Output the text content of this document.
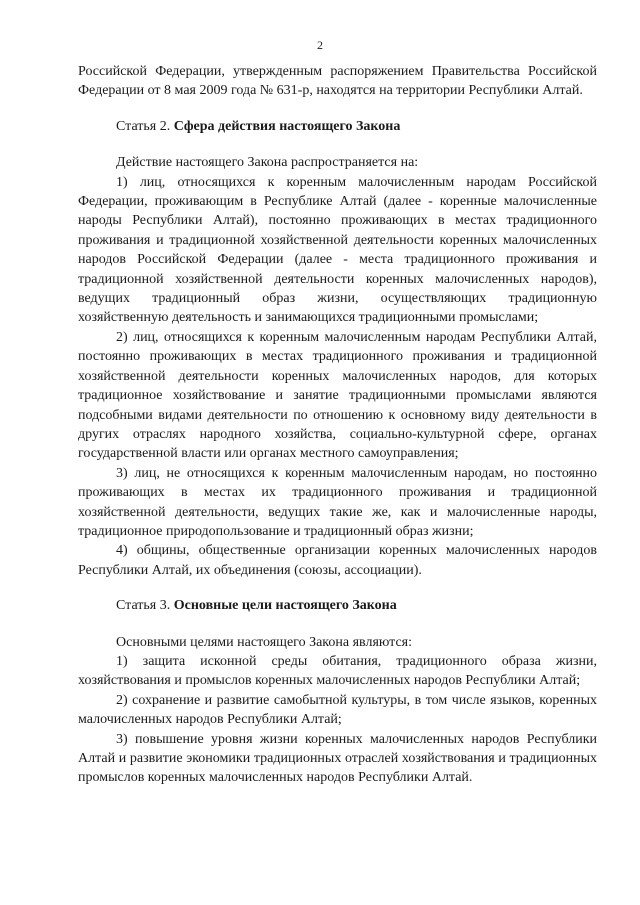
2

Российской Федерации, утвержденным распоряжением Правительства Российской Федерации от 8 мая 2009 года № 631-р, находятся на территории Республики Алтай.

Статья 2. Сфера действия настоящего Закона

Действие настоящего Закона распространяется на:

1) лиц, относящихся к коренным малочисленным народам Российской Федерации, проживающим в Республике Алтай (далее - коренные малочисленные народы Республики Алтай), постоянно проживающих в местах традиционного проживания и традиционной хозяйственной деятельности коренных малочисленных народов Российской Федерации (далее - места традиционного проживания и традиционной хозяйственной деятельности коренных малочисленных народов), ведущих традиционный образ жизни, осуществляющих традиционную хозяйственную деятельность и занимающихся традиционными промыслами;

2) лиц, относящихся к коренным малочисленным народам Республики Алтай, постоянно проживающих в местах традиционного проживания и традиционной хозяйственной деятельности коренных малочисленных народов, для которых традиционное хозяйствование и занятие традиционными промыслами являются подсобными видами деятельности по отношению к основному виду деятельности в других отраслях народного хозяйства, социально-культурной сфере, органах государственной власти или органах местного самоуправления;

3) лиц, не относящихся к коренным малочисленным народам, но постоянно проживающих в местах их традиционного проживания и традиционной хозяйственной деятельности, ведущих такие же, как и малочисленные народы, традиционное природопользование и традиционный образ жизни;

4) общины, общественные организации коренных малочисленных народов Республики Алтай, их объединения (союзы, ассоциации).

Статья 3. Основные цели настоящего Закона

Основными целями настоящего Закона являются:

1) защита исконной среды обитания, традиционного образа жизни, хозяйствования и промыслов коренных малочисленных народов Республики Алтай;

2) сохранение и развитие самобытной культуры, в том числе языков, коренных малочисленных народов Республики Алтай;

3) повышение уровня жизни коренных малочисленных народов Республики Алтай и развитие экономики традиционных отраслей хозяйствования и традиционных промыслов коренных малочисленных народов Республики Алтай.
